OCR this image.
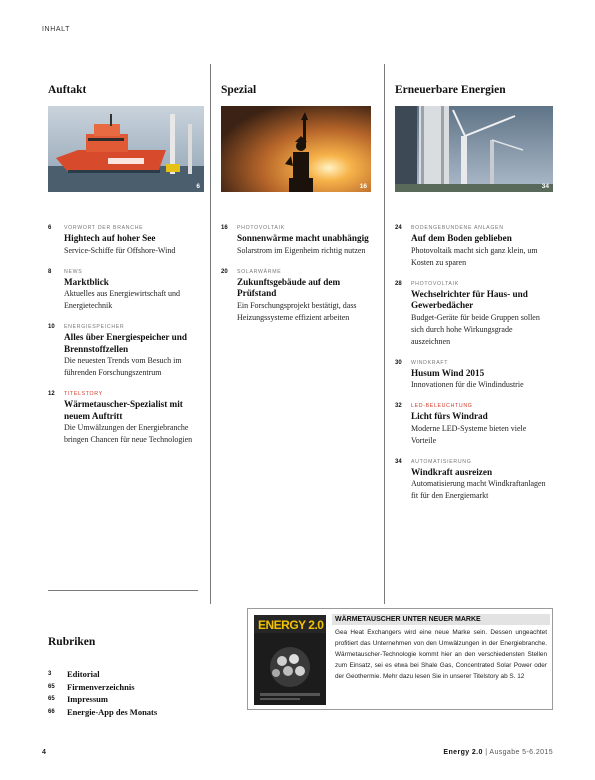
INHALT
Auftakt
6
6 VORWORT DER BRANCHE
Hightech auf hoher See
Service-Schiffe für Offshore-Wind
8 NEWS
Marktblick
Aktuelles aus Energiewirtschaft und Energietechnik
10 ENERGIESPEICHER
Alles über Energiespeicher und Brennstoffzellen
Die neuesten Trends vom Besuch im führenden Forschungszentrum
12 TITELSTORY
Wärmetauscher-Spezialist mit neuem Auftritt
Die Umwälzungen der Energiebranche bringen Chancen für neue Technologien
Spezial
16
16 PHOTOVOLTAIK
Sonnenwärme macht unabhängig
Solarstrom im Eigenheim richtig nutzen
20 SOLARWÄRME
Zukunftsgebäude auf dem Prüfstand
Ein Forschungsprojekt bestätigt, dass Heizungssysteme effizient arbeiten
Erneuerbare Energien
34
24 BODENGEBUNDENE ANLAGEN
Auf dem Boden geblieben
Photovoltaik macht sich ganz klein, um Kosten zu sparen
28 PHOTOVOLTAIK
Wechselrichter für Haus- und Gewerbedächer
Budget-Geräte für beide Gruppen sollen sich durch hohe Wirkungsgrade auszeichnen
30 WINDKRAFT
Husum Wind 2015
Innovationen für die Windindustrie
32 LED-BELEUCHTUNG
Licht fürs Windrad
Moderne LED-Systeme bieten viele Vorteile
34 AUTOMATISIERUNG
Windkraft ausreizen
Automatisierung macht Windkraftanlagen fit für den Energiemarkt
Rubriken
3 Editorial
65 Firmenverzeichnis
65 Impressum
66 Energie-App des Monats
ENERGY 2.0	WÄRMETAUSCHER UNTER NEUER MARKE
Gea Heat Exchangers wird eine neue Marke sein. Dessen ungeachtet profitiert das Unternehmen von den Umwälzungen in der Energiebranche. Wärmetauscher-Technologie kommt hier an den verschiedensten Stellen zum Einsatz, sei es etwa bei Shale Gas, Concentrated Solar Power oder der Geothermie. Mehr dazu lesen Sie in unserer Titelstory ab S. 12
4	Energy 2.0 | Ausgabe 5-6.2015
